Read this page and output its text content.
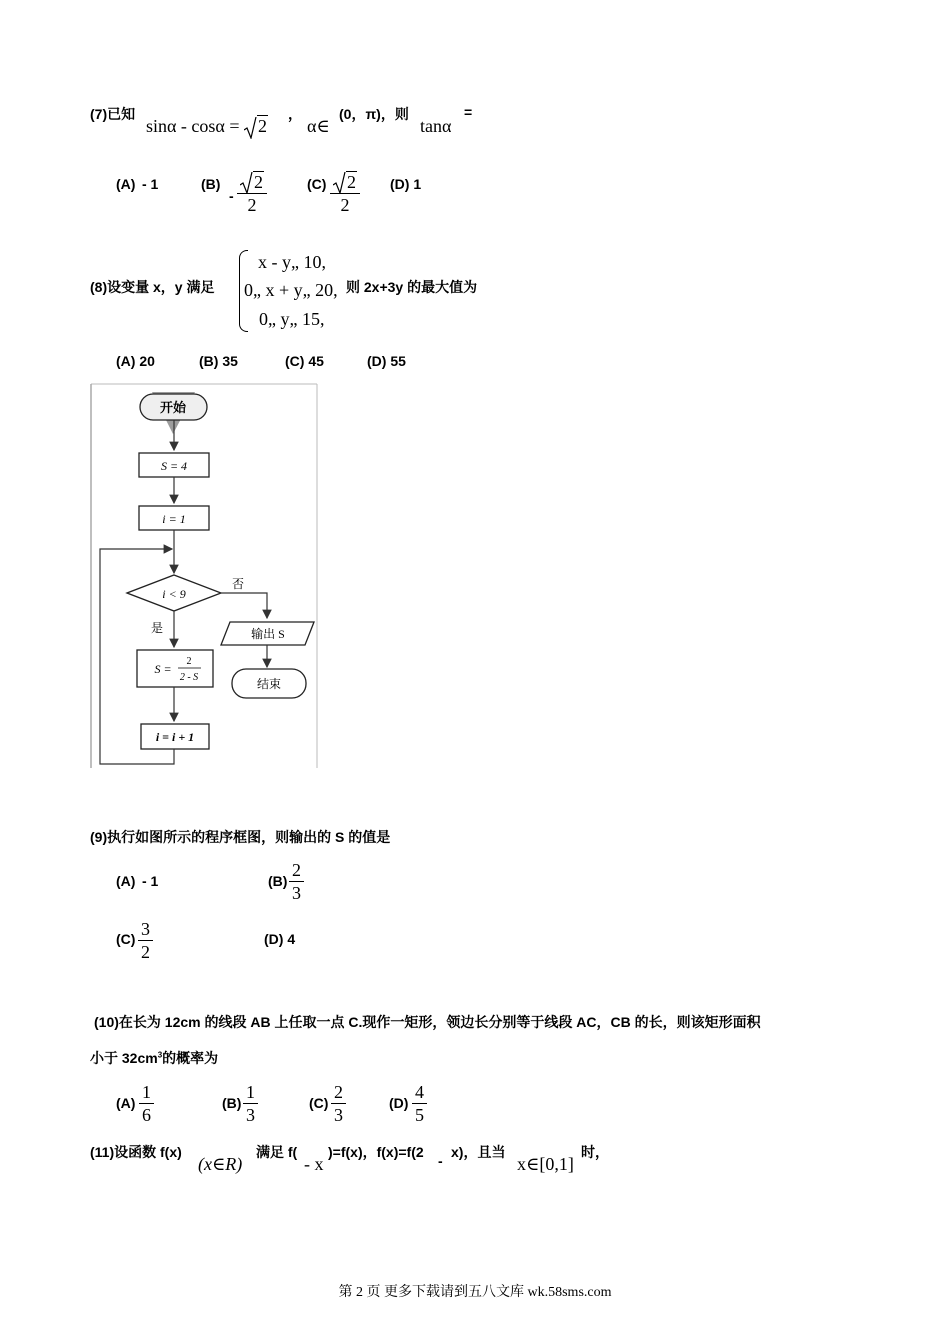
(7)已知
sinα - cosα = 2
，
α∈
(0，π)，则
tanα
=
(A) - 1	(B)
- $\frac{2}{2}$	$(C) \frac{2}{2} (D)$ 1
(8)设变量 x，y 满足
x - y„ 10,
0„ x + y„ 20,
0„ y„ 15,
则 2x+3y 的最大值为
(A) 20	(B) 35	(C) 45	(D) 55
开始
S = 4
i = 1
i < 9
否
是	输出 S
结束
S =
2
2 - S
i = i + 1
(9)执行如图所示的程序框图，则输出的 S 的值是
(A) - 1	$(B) \frac{2}{3}$
$(C) \frac{3}{2}$	(D) 4
(10)在长为 12cm 的线段 AB 上任取一点 C.现作一矩形，领边长分别等于线段 AC，CB 的长，则该矩形面积
小于 $32cm^3$的概率为
$(A) \frac{1}{6}$	$(B) \frac{1}{3}$	$(C) \frac{2}{3}$	$(D) \frac{4}{5}$
(11)设函数 f(x)
(x∈R)
满足 f(
- x
)=f(x)，f(x)=f(2
-
x)，且当
x∈[0,1]
时，
第 2 页 更多下载请到五八文库 wk.58sms.com
